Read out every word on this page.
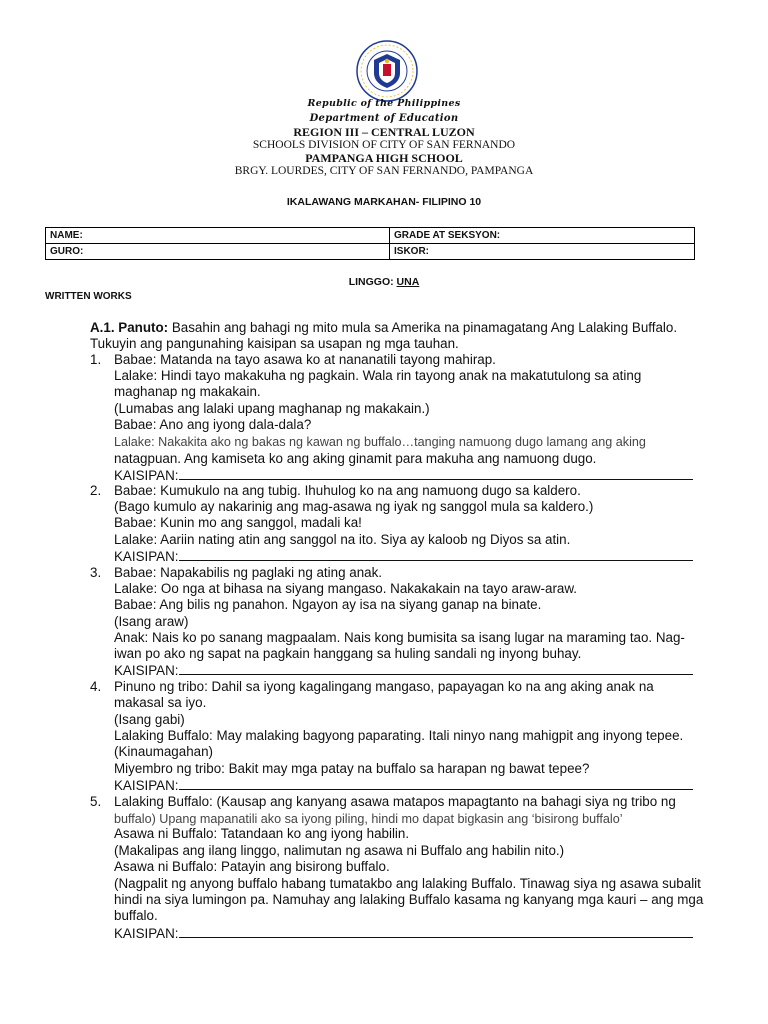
Republic of the Philippines
Department of Education
REGION III – CENTRAL LUZON
SCHOOLS DIVISION OF CITY OF SAN FERNANDO
PAMPANGA HIGH SCHOOL
BRGY. LOURDES, CITY OF SAN FERNANDO, PAMPANGA
IKALAWANG MARKAHAN- FILIPINO 10
NAME:	GRADE AT SEKSYON:
GURO:	ISKOR:
LINGGO: UNA
WRITTEN WORKS
A.1. Panuto: Basahin ang bahagi ng mito mula sa Amerika na pinamagatang Ang Lalaking Buffalo.
Tukuyin ang pangunahing kaisipan sa usapan ng mga tauhan.
1. Babae: Matanda na tayo asawa ko at nananatili tayong mahirap.
Lalake: Hindi tayo makakuha ng pagkain. Wala rin tayong anak na makatutulong sa ating
maghanap ng makakain.
(Lumabas ang lalaki upang maghanap ng makakain.)
Babae: Ano ang iyong dala-dala?
Lalake: Nakakita ako ng bakas ng kawan ng buffalo…tanging namuong dugo lamang ang aking
natagpuan. Ang kamiseta ko ang aking ginamit para makuha ang namuong dugo.
KAISIPAN:
2. Babae: Kumukulo na ang tubig. Ihuhulog ko na ang namuong dugo sa kaldero.
(Bago kumulo ay nakarinig ang mag-asawa ng iyak ng sanggol mula sa kaldero.)
Babae: Kunin mo ang sanggol, madali ka!
Lalake: Aariin nating atin ang sanggol na ito. Siya ay kaloob ng Diyos sa atin.
KAISIPAN:
3. Babae: Napakabilis ng paglaki ng ating anak.
Lalake: Oo nga at bihasa na siyang mangaso. Nakakakain na tayo araw-araw.
Babae: Ang bilis ng panahon. Ngayon ay isa na siyang ganap na binate.
(Isang araw)
Anak: Nais ko po sanang magpaalam. Nais kong bumisita sa isang lugar na maraming tao. Nag-
iwan po ako ng sapat na pagkain hanggang sa huling sandali ng inyong buhay.
KAISIPAN:
4. Pinuno ng tribo: Dahil sa iyong kagalingang mangaso, papayagan ko na ang aking anak na
makasal sa iyo.
(Isang gabi)
Lalaking Buffalo: May malaking bagyong paparating. Itali ninyo nang mahigpit ang inyong tepee.
(Kinaumagahan)
Miyembro ng tribo: Bakit may mga patay na buffalo sa harapan ng bawat tepee?
KAISIPAN:
5. Lalaking Buffalo: (Kausap ang kanyang asawa matapos mapagtanto na bahagi siya ng tribo ng
buffalo) Upang mapanatili ako sa iyong piling, hindi mo dapat bigkasin ang ‘bisirong buffalo’
Asawa ni Buffalo: Tatandaan ko ang iyong habilin.
(Makalipas ang ilang linggo, nalimutan ng asawa ni Buffalo ang habilin nito.)
Asawa ni Buffalo: Patayin ang bisirong buffalo.
(Nagpalit ng anyong buffalo habang tumatakbo ang lalaking Buffalo. Tinawag siya ng asawa subalit
hindi na siya lumingon pa. Namuhay ang lalaking Buffalo kasama ng kanyang mga kauri – ang mga
buffalo.
KAISIPAN:
